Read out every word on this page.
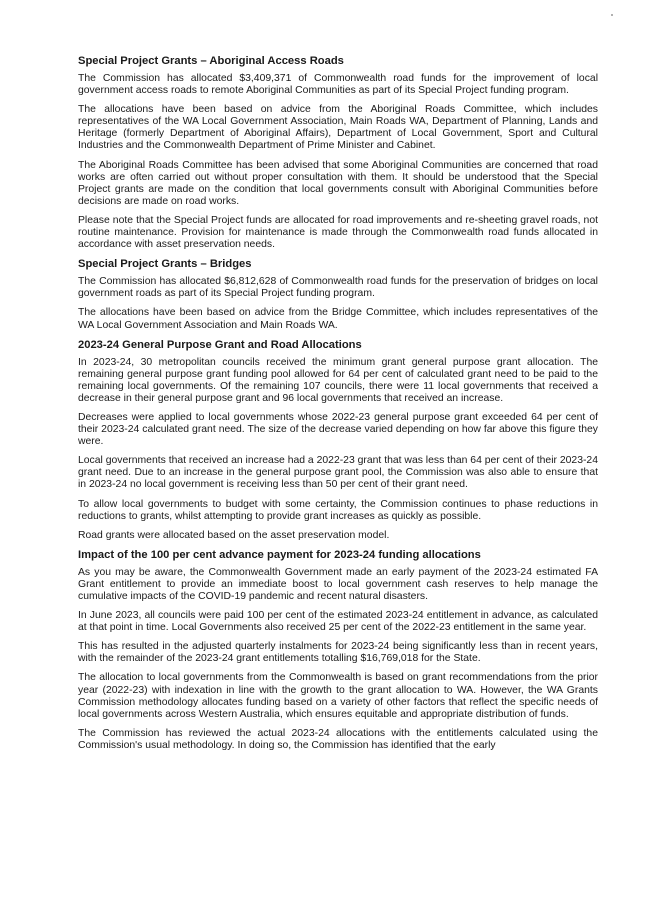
Special Project Grants – Aboriginal Access Roads

The Commission has allocated $3,409,371 of Commonwealth road funds for the improvement of local government access roads to remote Aboriginal Communities as part of its Special Project funding program.

The allocations have been based on advice from the Aboriginal Roads Committee, which includes representatives of the WA Local Government Association, Main Roads WA, Department of Planning, Lands and Heritage (formerly Department of Aboriginal Affairs), Department of Local Government, Sport and Cultural Industries and the Commonwealth Department of Prime Minister and Cabinet.

The Aboriginal Roads Committee has been advised that some Aboriginal Communities are concerned that road works are often carried out without proper consultation with them. It should be understood that the Special Project grants are made on the condition that local governments consult with Aboriginal Communities before decisions are made on road works.

Please note that the Special Project funds are allocated for road improvements and re-sheeting gravel roads, not routine maintenance. Provision for maintenance is made through the Commonwealth road funds allocated in accordance with asset preservation needs.

Special Project Grants – Bridges

The Commission has allocated $6,812,628 of Commonwealth road funds for the preservation of bridges on local government roads as part of its Special Project funding program.

The allocations have been based on advice from the Bridge Committee, which includes representatives of the WA Local Government Association and Main Roads WA.

2023-24 General Purpose Grant and Road Allocations

In 2023-24, 30 metropolitan councils received the minimum grant general purpose grant allocation. The remaining general purpose grant funding pool allowed for 64 per cent of calculated grant need to be paid to the remaining local governments. Of the remaining 107 councils, there were 11 local governments that received a decrease in their general purpose grant and 96 local governments that received an increase.

Decreases were applied to local governments whose 2022-23 general purpose grant exceeded 64 per cent of their 2023-24 calculated grant need. The size of the decrease varied depending on how far above this figure they were.

Local governments that received an increase had a 2022-23 grant that was less than 64 per cent of their 2023-24 grant need. Due to an increase in the general purpose grant pool, the Commission was also able to ensure that in 2023-24 no local government is receiving less than 50 per cent of their grant need.

To allow local governments to budget with some certainty, the Commission continues to phase reductions in reductions to grants, whilst attempting to provide grant increases as quickly as possible.

Road grants were allocated based on the asset preservation model.

Impact of the 100 per cent advance payment for 2023-24 funding allocations

As you may be aware, the Commonwealth Government made an early payment of the 2023-24 estimated FA Grant entitlement to provide an immediate boost to local government cash reserves to help manage the cumulative impacts of the COVID-19 pandemic and recent natural disasters.

In June 2023, all councils were paid 100 per cent of the estimated 2023-24 entitlement in advance, as calculated at that point in time. Local Governments also received 25 per cent of the 2022-23 entitlement in the same year.

This has resulted in the adjusted quarterly instalments for 2023-24 being significantly less than in recent years, with the remainder of the 2023-24 grant entitlements totalling $16,769,018 for the State.

The allocation to local governments from the Commonwealth is based on grant recommendations from the prior year (2022-23) with indexation in line with the growth to the grant allocation to WA. However, the WA Grants Commission methodology allocates funding based on a variety of other factors that reflect the specific needs of local governments across Western Australia, which ensures equitable and appropriate distribution of funds.

The Commission has reviewed the actual 2023-24 allocations with the entitlements calculated using the Commission's usual methodology. In doing so, the Commission has identified that the early
